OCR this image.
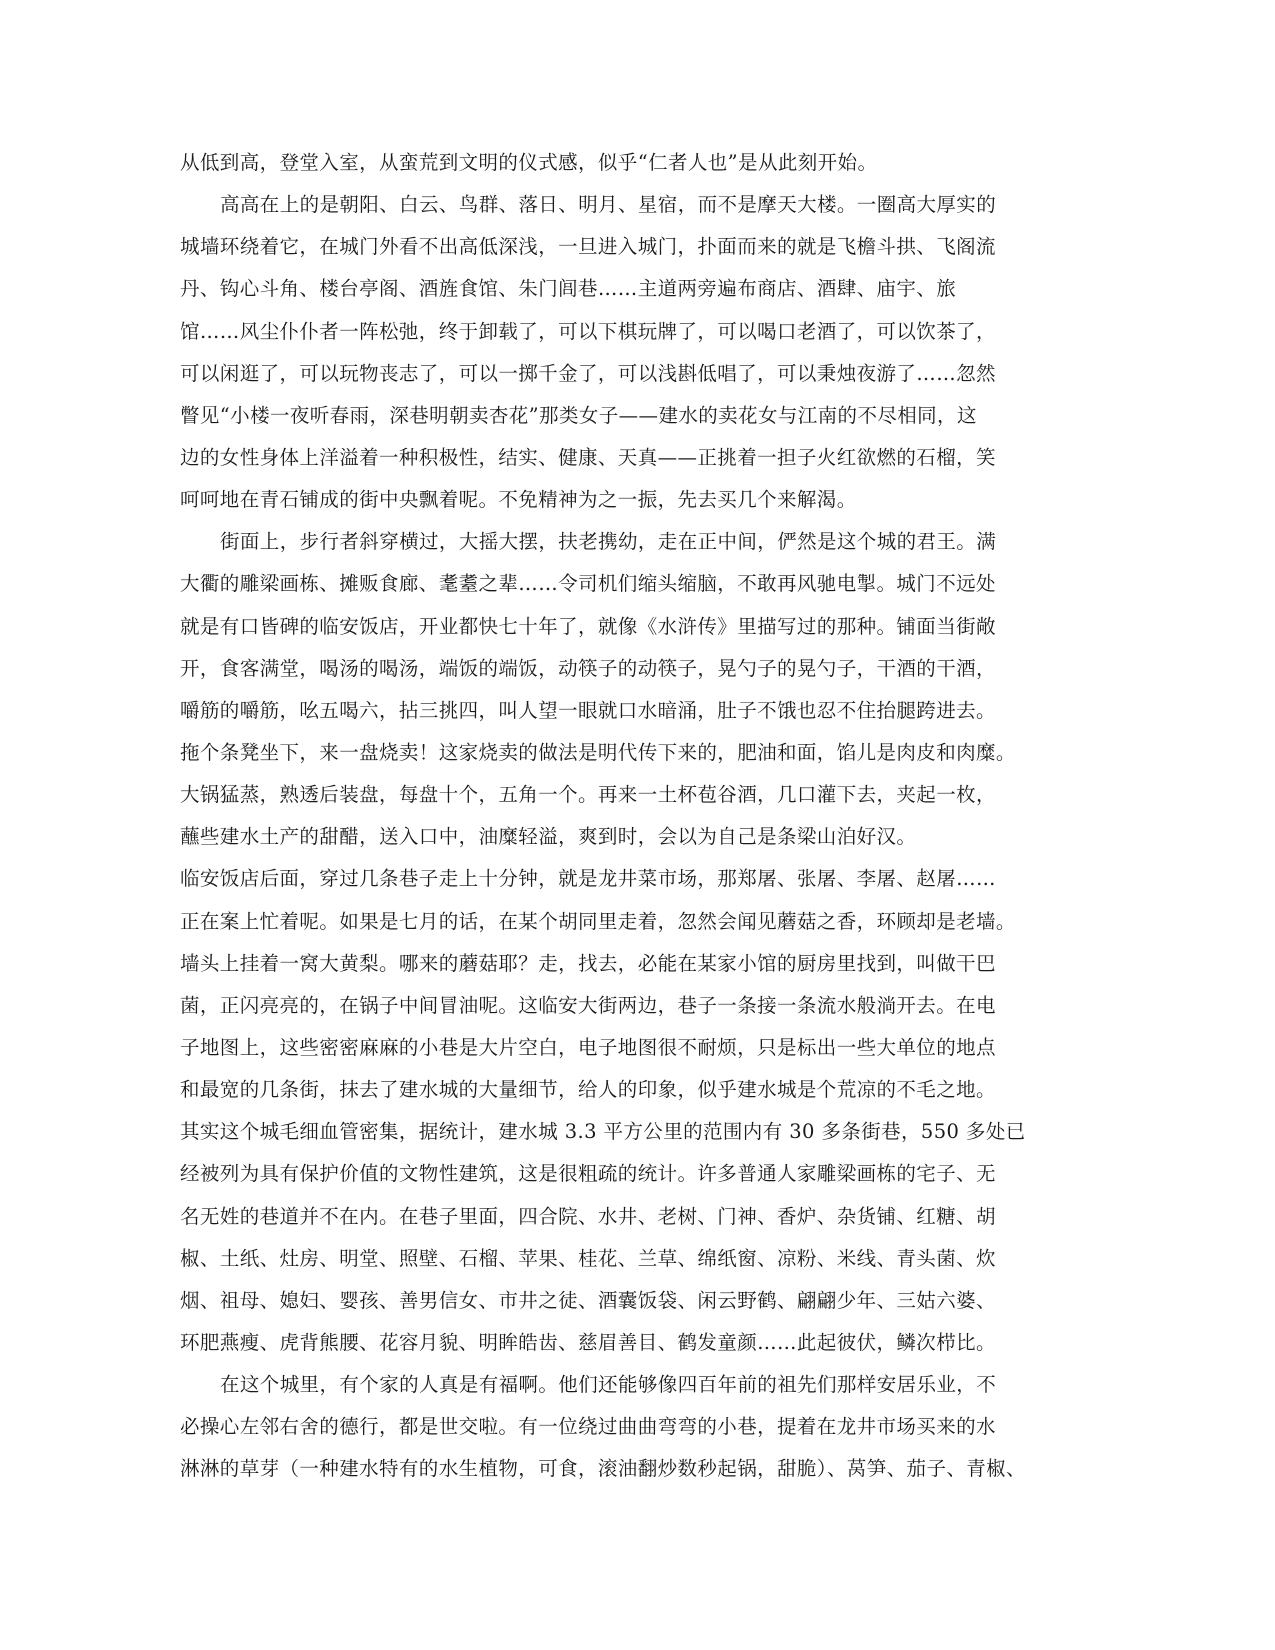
从低到高，登堂入室，从蛮荒到文明的仪式感，似乎“仁者人也”是从此刻开始。
高高在上的是朝阳、白云、鸟群、落日、明月、星宿，而不是摩天大楼。一圈高大厚实的
城墙环绕着它，在城门外看不出高低深浅，一旦进入城门，扑面而来的就是飞檐斗拱、飞阁流
丹、钩心斗角、楼台亭阁、酒旌食馆、朱门闾巷……主道两旁遍布商店、酒肆、庙宇、旅
馆……风尘仆仆者一阵松弛，终于卸载了，可以下棋玩牌了，可以喝口老酒了，可以饮茶了，
可以闲逛了，可以玩物丧志了，可以一掷千金了，可以浅斟低唱了，可以秉烛夜游了……忽然
瞥见“小楼一夜听春雨，深巷明朝卖杏花”那类女子——建水的卖花女与江南的不尽相同，这
边的女性身体上洋溢着一种积极性，结实、健康、天真——正挑着一担子火红欲燃的石榴，笑
呵呵地在青石铺成的街中央飘着呢。不免精神为之一振，先去买几个来解渴。
街面上，步行者斜穿横过，大摇大摆，扶老携幼，走在正中间，俨然是这个城的君王。满
大衢的雕梁画栋、摊贩食廊、耄耋之辈……令司机们缩头缩脑，不敢再风驰电掣。城门不远处
就是有口皆碑的临安饭店，开业都快七十年了，就像《水浒传》里描写过的那种。铺面当街敞
开，食客满堂，喝汤的喝汤，端饭的端饭，动筷子的动筷子，晃勺子的晃勺子，干酒的干酒，
嚼筋的嚼筋，吆五喝六，拈三挑四，叫人望一眼就口水暗涌，肚子不饿也忍不住抬腿跨进去。
拖个条凳坐下，来一盘烧卖！这家烧卖的做法是明代传下来的，肥油和面，馅儿是肉皮和肉糜。
大锅猛蒸，熟透后装盘，每盘十个，五角一个。再来一土杯苞谷酒，几口灌下去，夹起一枚，
蘸些建水土产的甜醋，送入口中，油糜轻溢，爽到时，会以为自己是条梁山泊好汉。
临安饭店后面，穿过几条巷子走上十分钟，就是龙井菜市场，那郑屠、张屠、李屠、赵屠……
正在案上忙着呢。如果是七月的话，在某个胡同里走着，忽然会闻见蘑菇之香，环顾却是老墙。
墙头上挂着一窝大黄梨。哪来的蘑菇耶？走，找去，必能在某家小馆的厨房里找到，叫做干巴
菌，正闪亮亮的，在锅子中间冒油呢。这临安大街两边，巷子一条接一条流水般淌开去。在电
子地图上，这些密密麻麻的小巷是大片空白，电子地图很不耐烦，只是标出一些大单位的地点
和最宽的几条街，抹去了建水城的大量细节，给人的印象，似乎建水城是个荒凉的不毛之地。
其实这个城毛细血管密集，据统计，建水城 3.3 平方公里的范围内有 30 多条街巷，550 多处已
经被列为具有保护价值的文物性建筑，这是很粗疏的统计。许多普通人家雕梁画栋的宅子、无
名无姓的巷道并不在内。在巷子里面，四合院、水井、老树、门神、香炉、杂货铺、红糖、胡
椒、土纸、灶房、明堂、照壁、石榴、苹果、桂花、兰草、绵纸窗、凉粉、米线、青头菌、炊
烟、祖母、媳妇、婴孩、善男信女、市井之徒、酒囊饭袋、闲云野鹤、翩翩少年、三姑六婆、
环肥燕瘦、虎背熊腰、花容月貌、明眸皓齿、慈眉善目、鹤发童颜……此起彼伏，鳞次栉比。
在这个城里，有个家的人真是有福啊。他们还能够像四百年前的祖先们那样安居乐业，不
必操心左邻右舍的德行，都是世交啦。有一位绕过曲曲弯弯的小巷，提着在龙井市场买来的水
淋淋的草芽（一种建水特有的水生植物，可食，滚油翻炒数秒起锅，甜脆）、莴笋、茄子、青椒、
